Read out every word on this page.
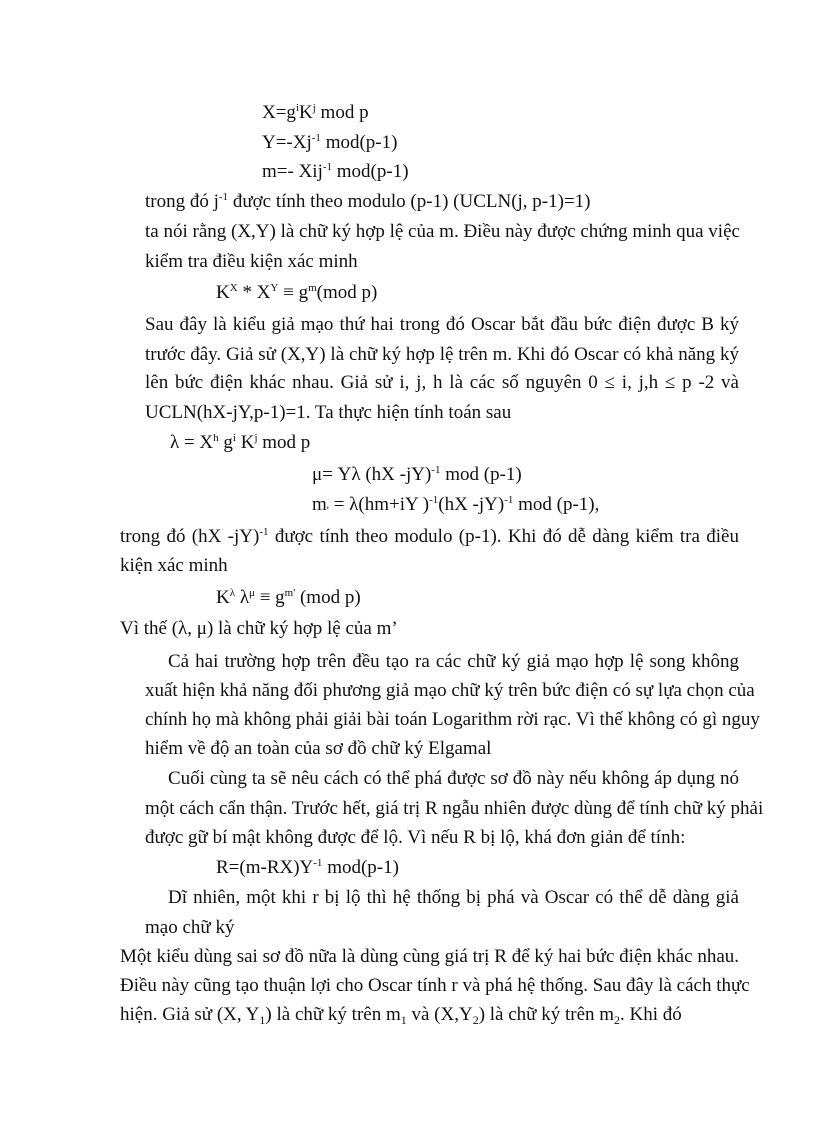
$X=g^iK^j$ mod p
$Y=-Xj^{-1}$ mod(p-1)
m=- Xij$^{-1}$ mod(p-1)
trong đó $j^{-1}$ được tính theo modulo (p-1) (UCLN(j, p-1)=1)
ta nói rằng (X,Y) là chữ ký hợp lệ của m. Điều này được chứng minh qua việc
kiểm tra điều kiện xác minh
$K^X * X^Y \equiv g^m(mod$ p)
Sau đây là kiểu giả mạo thứ hai trong đó Oscar bắt đầu bức điện được B ký
trước đây. Giả sử (X,Y) là chữ ký hợp lệ trên m. Khi đó Oscar có khả năng ký
lên bức điện khác nhau. Giả sử i, j, h là các số nguyên 0 ≤ i, j,h ≤ p -2 và
UCLN(hX-jY,p-1)=1. Ta thực hiện tính toán sau
$\lambda = X^h$ $g^i$ $K^j$ mod p
μ= Yλ (hX -jY)$^{-1}$ mod (p-1)
$m' = \lambda(hm+iY$ )$^{-1}$(hX -jY)$^{-1}$ mod (p-1),
trong đó (hX -jY)$^{-1}$ được tính theo modulo (p-1). Khi đó dễ dàng kiểm tra điều
kiện xác minh
$K^\lambda$ $\lambda^\mu \equiv g^{m'}$ (mod p)
Vì thế (λ, μ) là chữ ký hợp lệ của m’
Cả hai trường hợp trên đều tạo ra các chữ ký giả mạo hợp lệ song không
xuất hiện khả năng đối phương giả mạo chữ ký trên bức điện có sự lựa chọn của
chính họ mà không phải giải bài toán Logarithm rời rạc. Vì thế không có gì nguy
hiểm về độ an toàn của sơ đồ chữ ký Elgamal
Cuối cùng ta sẽ nêu cách có thể phá được sơ đồ này nếu không áp dụng nó
một cách cẩn thận. Trước hết, giá trị R ngẫu nhiên được dùng để tính chữ ký phải
được gữ bí mật không được để lộ. Vì nếu R bị lộ, khá đơn giản để tính:
$R=(m-RX)Y^{-1}$ mod(p-1)
Dĩ nhiên, một khi r bị lộ thì hệ thống bị phá và Oscar có thể dễ dàng giả
mạo chữ ký
Một kiểu dùng sai sơ đồ nữa là dùng cùng giá trị R để ký hai bức điện khác nhau.
Điều này cũng tạo thuận lợi cho Oscar tính r và phá hệ thống. Sau đây là cách thực
hiện. Giả sử (X, $Y_1$) là chữ ký trên $m_1$ và $(X,Y_2)$ là chữ ký trên $m_2$. Khi đó
